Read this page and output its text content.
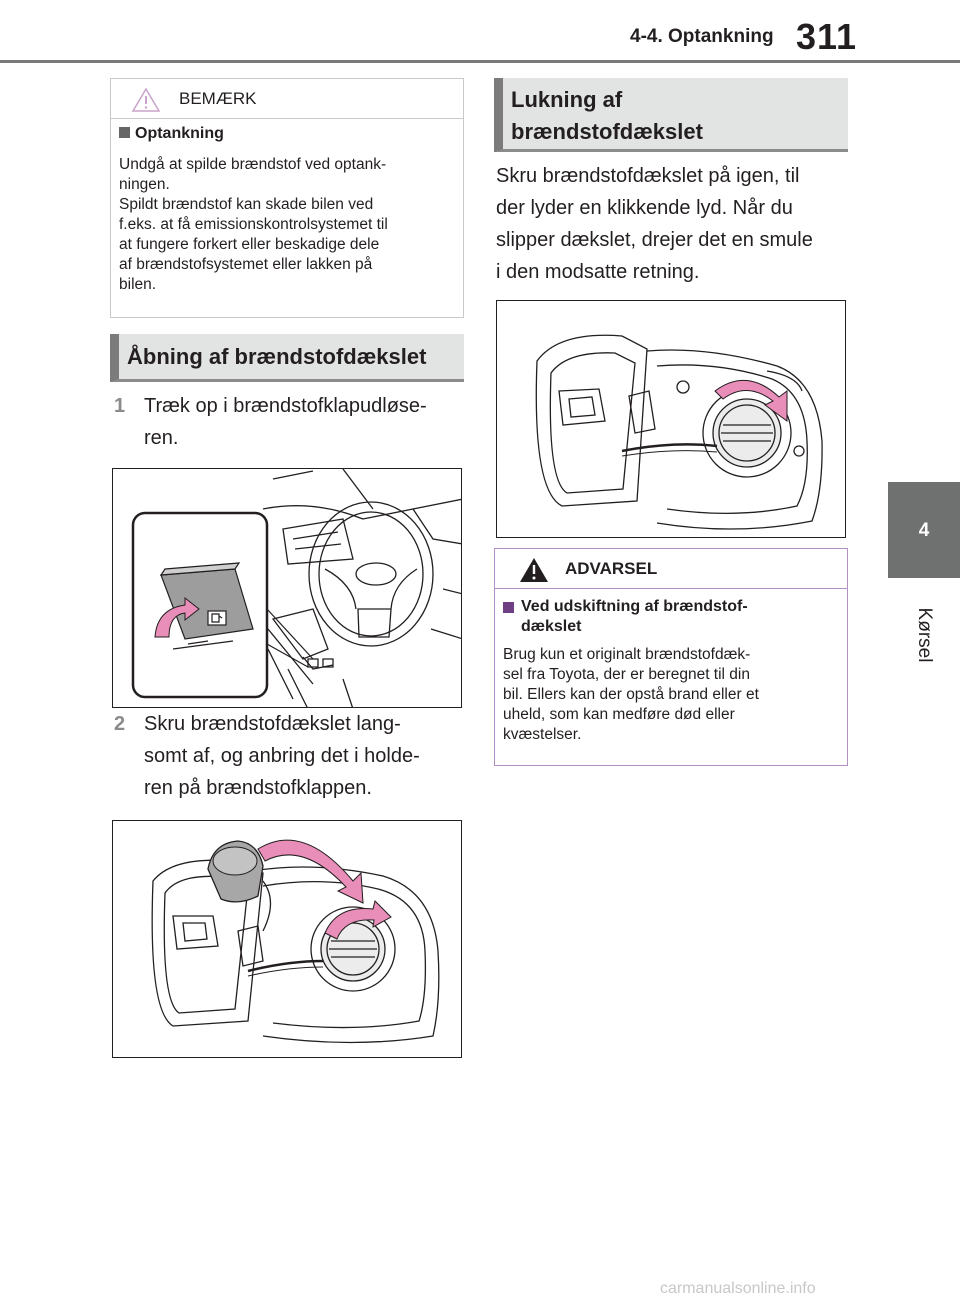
4-4. Optankning 311
4
Kørsel
BEMÆRK
Optankning
Undgå at spilde brændstof ved optank-
ningen.
Spildt brændstof kan skade bilen ved
f.eks. at få emissionskontrolsystemet til
at fungere forkert eller beskadige dele
af brændstofsystemet eller lakken på
bilen.
Åbning af brændstofdækslet
1 Træk op i brændstofklapudløse-
ren.
2 Skru brændstofdækslet lang-
somt af, og anbring det i holde-
ren på brændstofklappen.
Lukning af
brændstofdækslet
Skru brændstofdækslet på igen, til
der lyder en klikkende lyd. Når du
slipper dækslet, drejer det en smule
i den modsatte retning.
ADVARSEL
Ved udskiftning af brændstof-
dækslet
Brug kun et originalt brændstofdæk-
sel fra Toyota, der er beregnet til din
bil. Ellers kan der opstå brand eller et
uheld, som kan medføre død eller
kvæstelser.
carmanualsonline.info
